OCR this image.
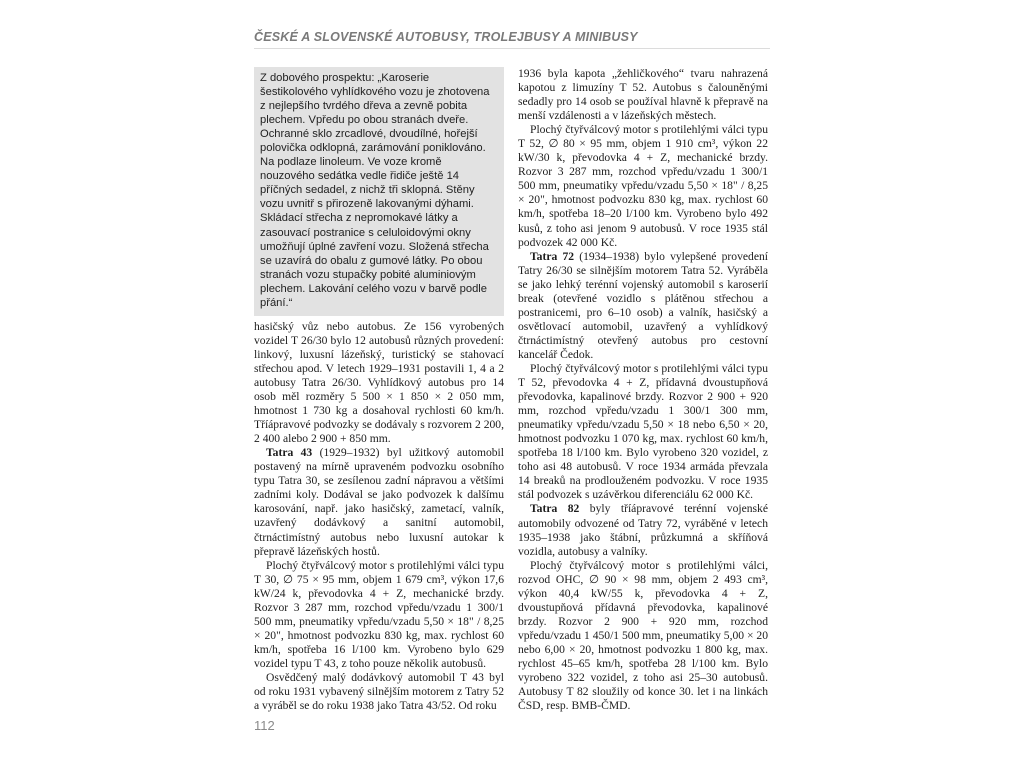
ČESKÉ A SLOVENSKÉ AUTOBUSY, TROLEJBUSY A MINIBUSY
Z dobového prospektu: „Karoserie šestikolového vyhlídkového vozu je zhotovena z nejlepšího tvrdého dřeva a zevně pobita plechem. Vpředu po obou stranách dveře. Ochranné sklo zrcadlové, dvoudílné, hořejší polovička odklopná, zarámování poniklováno. Na podlaze linoleum. Ve voze kromě nouzového sedátka vedle řidiče ještě 14 příčných sedadel, z nichž tři sklopná. Stěny vozu uvnitř s přirozeně lakovanými dýhami. Skládací střecha z nepromokavé látky a zasouvací postranice s celuloidovými okny umožňují úplné zavření vozu. Složená střecha se uzavírá do obalu z gumové látky. Po obou stranách vozu stupačky pobité aluminiovým plechem. Lakování celého vozu v barvě podle přání.“

hasičský vůz nebo autobus. Ze 156 vyrobených vozidel T 26/30 bylo 12 autobusů různých provedení: linkový, luxusní lázeňský, turistický se stahovací střechou apod. V letech 1929–1931 postavili 1, 4 a 2 autobusy Tatra 26/30. Vyhlídkový autobus pro 14 osob měl rozměry 5 500 × 1 850 × 2 050 mm, hmotnost 1 730 kg a dosahoval rychlosti 60 km/h. Tříápravové podvozky se dodávaly s rozvorem 2 200, 2 400 alebo 2 900 + 850 mm.

Tatra 43 (1929–1932) byl užitkový automobil postavený na mírně upraveném podvozku osobního typu Tatra 30, se zesílenou zadní nápravou a většími zadními koly. Dodával se jako podvozek k dalšímu karosování, např. jako hasičský, zametací, valník, uzavřený dodávkový a sanitní automobil, čtrnáctimístný autobus nebo luxusní autokar k přepravě lázeňských hostů.

Plochý čtyřválcový motor s protilehlými válci typu T 30, ∅ 75 × 95 mm, objem 1 679 cm³, výkon 17,6 kW/24 k, převodovka 4 + Z, mechanické brzdy. Rozvor 3 287 mm, rozchod vpředu/vzadu 1 300/1 500 mm, pneumatiky vpředu/vzadu 5,50 × 18" / 8,25 × 20", hmotnost podvozku 830 kg, max. rychlost 60 km/h, spotřeba 16 l/100 km. Vyrobeno bylo 629 vozidel typu T 43, z toho pouze několik autobusů.

Osvědčený malý dodávkový automobil T 43 byl od roku 1931 vybavený silnějším motorem z Tatry 52 a vyráběl se do roku 1938 jako Tatra 43/52. Od roku

1936 byla kapota „žehličkového“ tvaru nahrazená kapotou z limuzíny T 52. Autobus s čalouněnými sedadly pro 14 osob se používal hlavně k přepravě na menší vzdálenosti a v lázeňských městech.

Plochý čtyřválcový motor s protilehlými válci typu T 52, ∅ 80 × 95 mm, objem 1 910 cm³, výkon 22 kW/30 k, převodovka 4 + Z, mechanické brzdy. Rozvor 3 287 mm, rozchod vpředu/vzadu 1 300/1 500 mm, pneumatiky vpředu/vzadu 5,50 × 18" / 8,25 × 20", hmotnost podvozku 830 kg, max. rychlost 60 km/h, spotřeba 18–20 l/100 km. Vyrobeno bylo 492 kusů, z toho asi jenom 9 autobusů. V roce 1935 stál podvozek 42 000 Kč.

Tatra 72 (1934–1938) bylo vylepšené provedení Tatry 26/30 se silnějším motorem Tatra 52. Vyráběla se jako lehký terénní vojenský automobil s karoserií break (otevřené vozidlo s plátěnou střechou a postranicemi, pro 6–10 osob) a valník, hasičský a osvětlovací automobil, uzavřený a vyhlídkový čtrnáctimístný otevřený autobus pro cestovní kancelář Čedok.

Plochý čtyřválcový motor s protilehlými válci typu T 52, převodovka 4 + Z, přídavná dvoustupňová převodovka, kapalinové brzdy. Rozvor 2 900 + 920 mm, rozchod vpředu/vzadu 1 300/1 300 mm, pneumatiky vpředu/vzadu 5,50 × 18 nebo 6,50 × 20, hmotnost podvozku 1 070 kg, max. rychlost 60 km/h, spotřeba 18 l/100 km. Bylo vyrobeno 320 vozidel, z toho asi 48 autobusů. V roce 1934 armáda převzala 14 breaků na prodlouženém podvozku. V roce 1935 stál podvozek s uzávěrkou diferenciálu 62 000 Kč.

Tatra 82 byly tříápravové terénní vojenské automobily odvozené od Tatry 72, vyráběné v letech 1935–1938 jako štábní, průzkumná a skříňová vozidla, autobusy a valníky.

Plochý čtyřválcový motor s protilehlými válci, rozvod OHC, ∅ 90 × 98 mm, objem 2 493 cm³, výkon 40,4 kW/55 k, převodovka 4 + Z, dvoustupňová přídavná převodovka, kapalinové brzdy. Rozvor 2 900 + 920 mm, rozchod vpředu/vzadu 1 450/1 500 mm, pneumatiky 5,00 × 20 nebo 6,00 × 20, hmotnost podvozku 1 800 kg, max. rychlost 45–65 km/h, spotřeba 28 l/100 km. Bylo vyrobeno 322 vozidel, z toho asi 25–30 autobusů. Autobusy T 82 sloužily od konce 30. let i na linkách ČSD, resp. BMB-ČMD.

112
